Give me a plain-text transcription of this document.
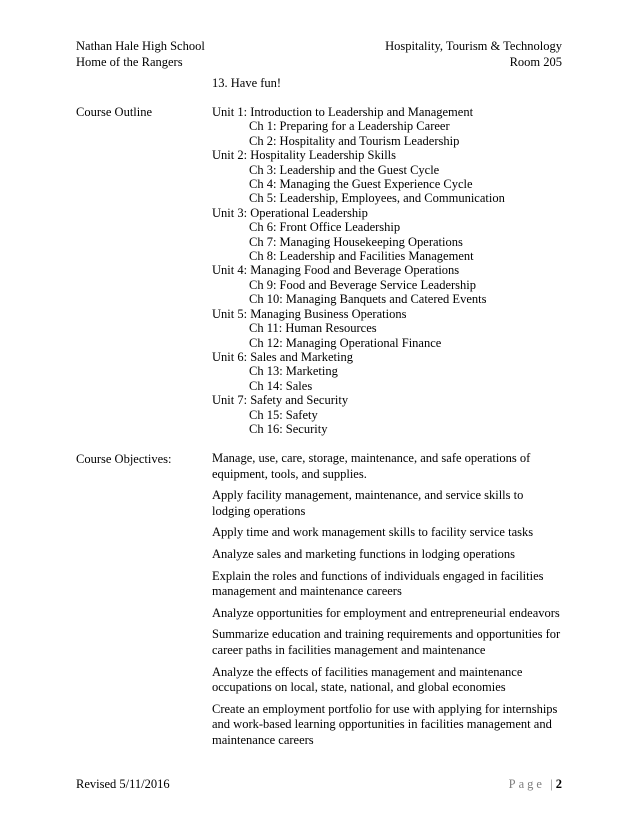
Nathan Hale High School	Hospitality, Tourism & Technology
Home of the Rangers	Room 205
13. Have fun!
Course Outline	Unit 1: Introduction to Leadership and Management
Ch 1: Preparing for a Leadership Career
Ch 2: Hospitality and Tourism Leadership
Unit 2: Hospitality Leadership Skills
Ch 3: Leadership and the Guest Cycle
Ch 4: Managing the Guest Experience Cycle
Ch 5: Leadership, Employees, and Communication
Unit 3: Operational Leadership
Ch 6: Front Office Leadership
Ch 7: Managing Housekeeping Operations
Ch 8: Leadership and Facilities Management
Unit 4: Managing Food and Beverage Operations
Ch 9: Food and Beverage Service Leadership
Ch 10: Managing Banquets and Catered Events
Unit 5: Managing Business Operations
Ch 11: Human Resources
Ch 12: Managing Operational Finance
Unit 6: Sales and Marketing
Ch 13: Marketing
Ch 14: Sales
Unit 7: Safety and Security
Ch 15: Safety
Ch 16: Security
Course Objectives:	Manage, use, care, storage, maintenance, and safe operations of
equipment, tools, and supplies.
Apply facility management, maintenance, and service skills to
lodging operations
Apply time and work management skills to facility service tasks
Analyze sales and marketing functions in lodging operations
Explain the roles and functions of individuals engaged in facilities
management and maintenance careers
Analyze opportunities for employment and entrepreneurial endeavors
Summarize education and training requirements and opportunities for
career paths in facilities management and maintenance
Analyze the effects of facilities management and maintenance
occupations on local, state, national, and global economies
Create an employment portfolio for use with applying for internships
and work-based learning opportunities in facilities management and
maintenance careers
Revised 5/11/2016	Page | 2
